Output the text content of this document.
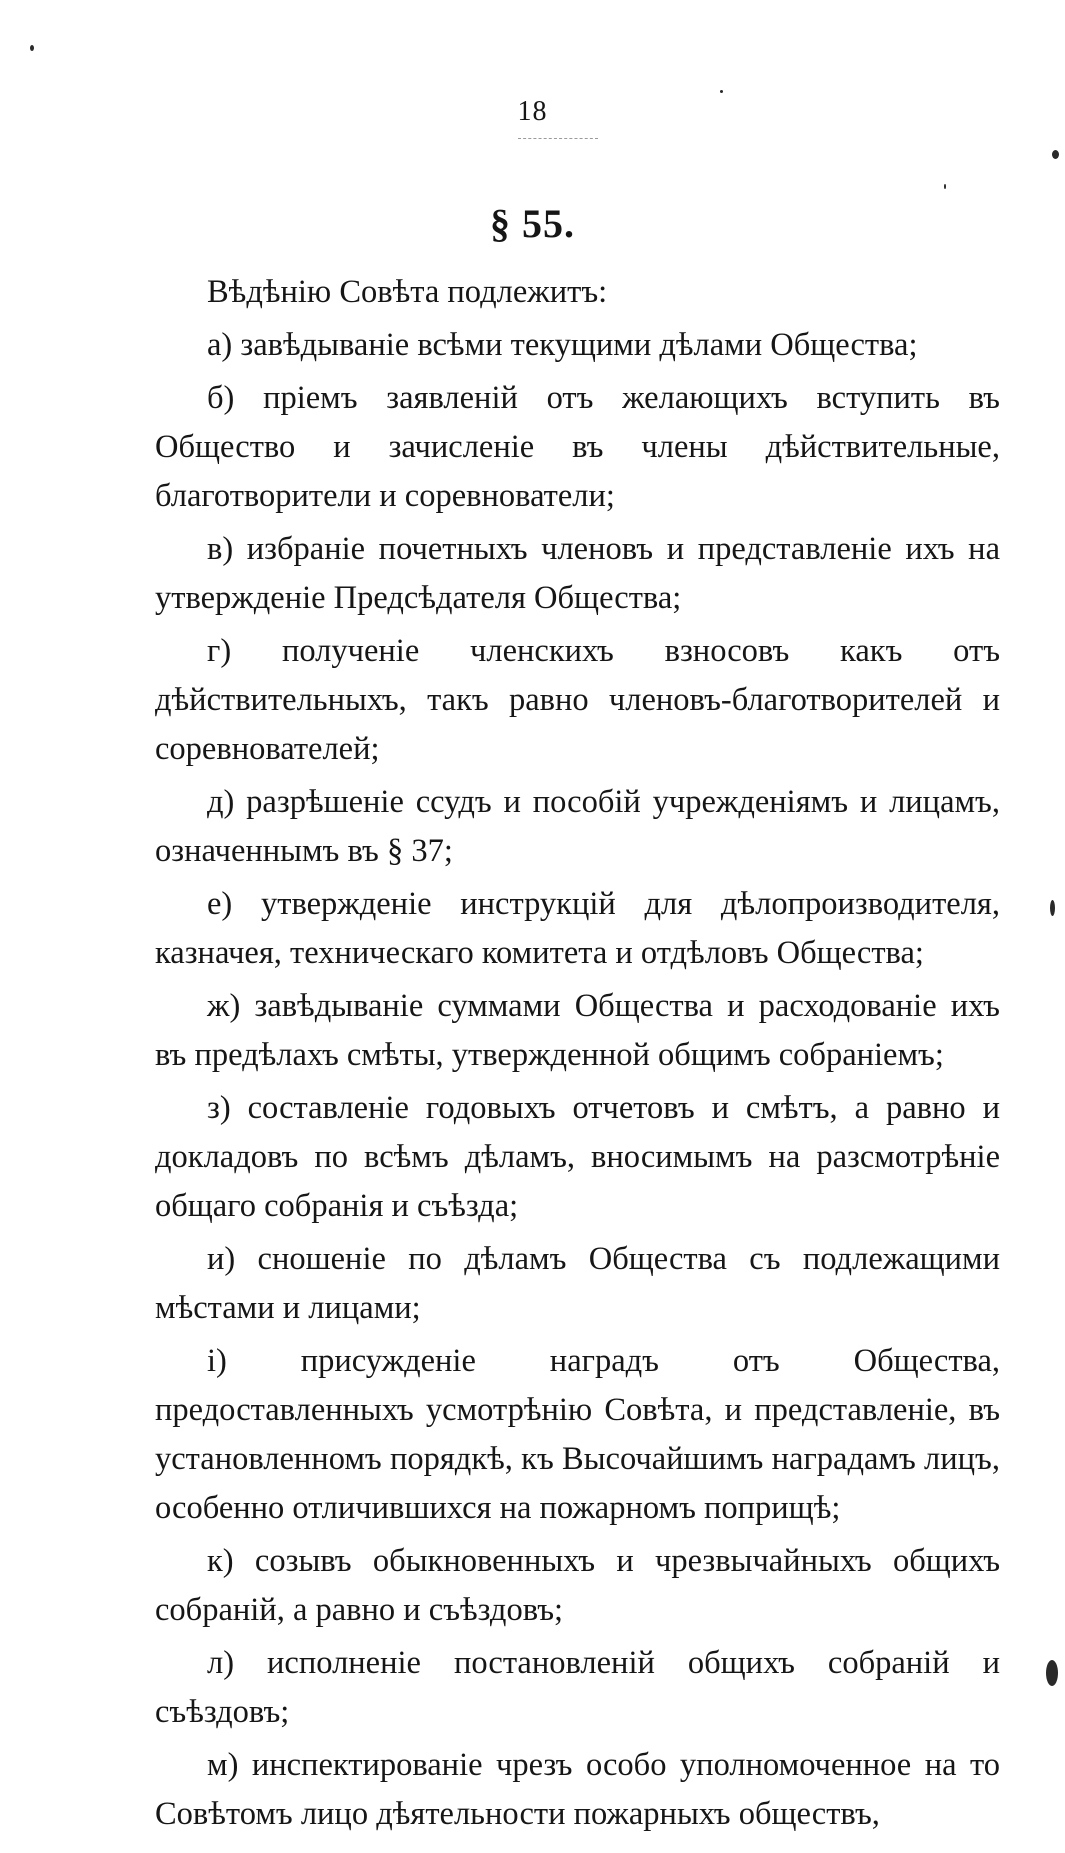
18
§ 55.

Вѣдѣнію Совѣта подлежитъ:

а) завѣдываніе всѣми текущими дѣлами Общества;

б) пріемъ заявленій отъ желающихъ вступить въ Общество и зачисленіе въ члены дѣйствительные, благотворители и соревнователи;

в) избраніе почетныхъ членовъ и представленіе ихъ на утвержденіе Предсѣдателя Общества;

г) полученіе членскихъ взносовъ какъ отъ дѣйствительныхъ, такъ равно членовъ-благотворителей и соревнователей;

д) разрѣшеніе ссудъ и пособій учрежденіямъ и лицамъ, означеннымъ въ § 37;

е) утвержденіе инструкцій для дѣлопроизводителя, казначея, техническаго комитета и отдѣловъ Общества;

ж) завѣдываніе суммами Общества и расходованіе ихъ въ предѣлахъ смѣты, утвержденной общимъ собраніемъ;

з) составленіе годовыхъ отчетовъ и смѣтъ, а равно и докладовъ по всѣмъ дѣламъ, вносимымъ на разсмотрѣніе общаго собранія и съѣзда;

и) сношеніе по дѣламъ Общества съ подлежащими мѣстами и лицами;

і) присужденіе наградъ отъ Общества, предоставленныхъ усмотрѣнію Совѣта, и представленіе, въ установленномъ порядкѣ, къ Высочайшимъ наградамъ лицъ, особенно отличившихся на пожарномъ поприщѣ;

к) созывъ обыкновенныхъ и чрезвычайныхъ общихъ собраній, а равно и съѣздовъ;

л) исполненіе постановленій общихъ собраній и съѣздовъ;

м) инспектированіе чрезъ особо уполномоченное на то Совѣтомъ лицо дѣятельности пожарныхъ обществъ,
